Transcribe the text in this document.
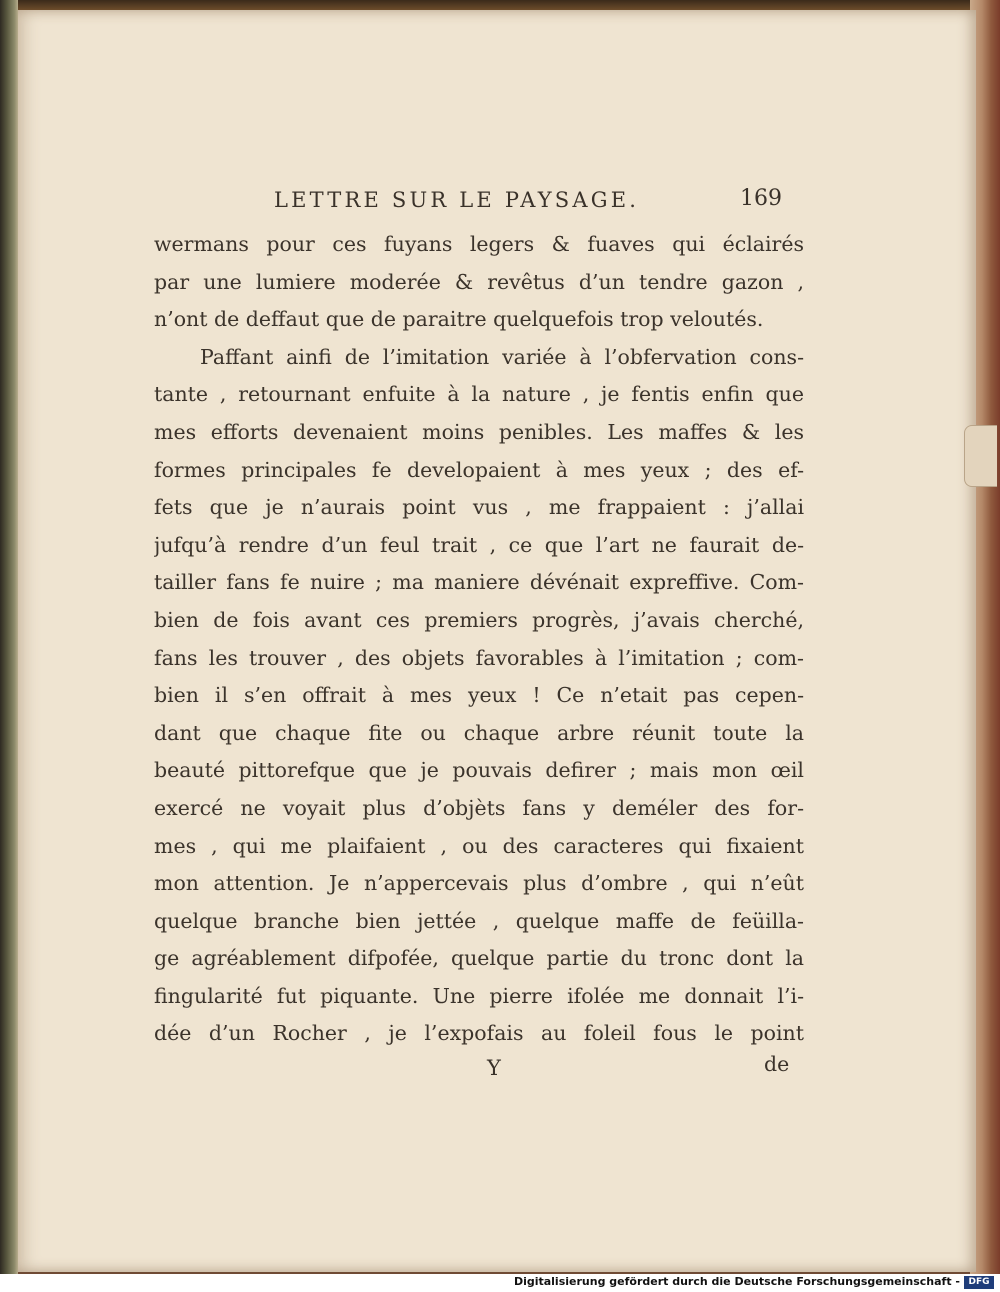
LETTRE SUR LE PAYSAGE.	169
wermans pour ces fuyans legers & fuaves qui éclairés
par une lumiere moderée & revêtus d’un tendre gazon ,
n’ont de deffaut que de paraitre quelquefois trop veloutés.
Paffant ainfi de l’imitation variée à l’obfervation cons-
tante , retournant enfuite à la nature , je fentis enfin que
mes efforts devenaient moins penibles. Les maffes & les
formes principales fe developaient à mes yeux ; des ef-
fets que je n’aurais point vus , me frappaient : j’allai
jufqu’à rendre d’un feul trait , ce que l’art ne faurait de-
tailler fans fe nuire ; ma maniere dévénait expreffive. Com-
bien de fois avant ces premiers progrès, j’avais cherché,
fans les trouver , des objets favorables à l’imitation ; com-
bien il s’en offrait à mes yeux ! Ce n’etait pas cepen-
dant que chaque fite ou chaque arbre réunit toute la
beauté pittorefque que je pouvais defirer ; mais mon œil
exercé ne voyait plus d’objèts fans y deméler des for-
mes , qui me plaifaient , ou des caracteres qui fixaient
mon attention. Je n’appercevais plus d’ombre , qui n’eût
quelque branche bien jettée , quelque maffe de feüilla-
ge agréablement difpofée, quelque partie du tronc dont la
fingularité fut piquante. Une pierre ifolée me donnait l’i-
dée d’un Rocher , je l’expofais au foleil fous le point
Y	de
Digitalisierung gefördert durch die Deutsche Forschungsgemeinschaft - DFG
